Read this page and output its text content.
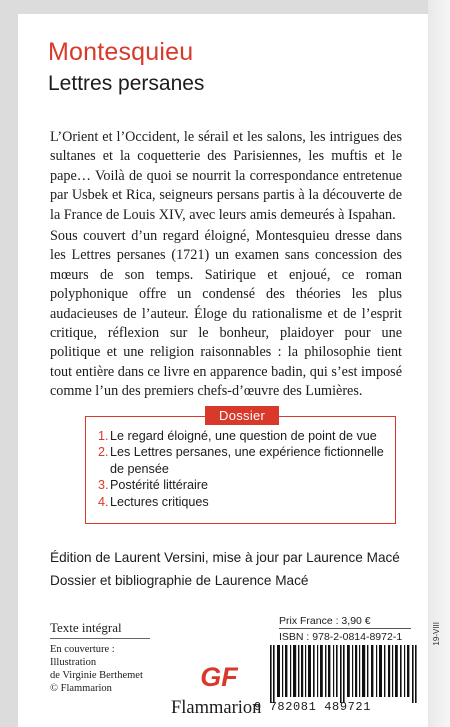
Montesquieu
Lettres persanes

L’Orient et l’Occident, le sérail et les salons, les intrigues des sultanes et la coquetterie des Parisiennes, les muftis et le pape… Voilà de quoi se nourrit la correspondance entretenue par Usbek et Rica, seigneurs persans partis à la découverte de la France de Louis XIV, avec leurs amis demeurés à Ispahan.

Sous couvert d’un regard éloigné, Montesquieu dresse dans les Lettres persanes (1721) un examen sans concession des mœurs de son temps. Satirique et enjoué, ce roman polyphonique offre un condensé des théories les plus audacieuses de l’auteur. Éloge du rationalisme et de l’esprit critique, réflexion sur le bonheur, plaidoyer pour une politique et une religion raisonnables : la philosophie tient tout entière dans ce livre en apparence badin, qui s’est imposé comme l’un des premiers chefs-d’œuvre des Lumières.

Dossier
1. Le regard éloigné, une question de point de vue
2. Les Lettres persanes, une expérience fictionnelle de pensée
3. Postérité littéraire
4. Lectures critiques
Édition de Laurent Versini, mise à jour par Laurence Macé
Dossier et bibliographie de Laurence Macé
Prix France : 3,90 €
ISBN : 978-2-0814-8972-1
9 782081 489721
19-VIII
Texte intégral
En couverture :
Illustration
de Virginie Berthemet
© Flammarion	GF
Flammarion
